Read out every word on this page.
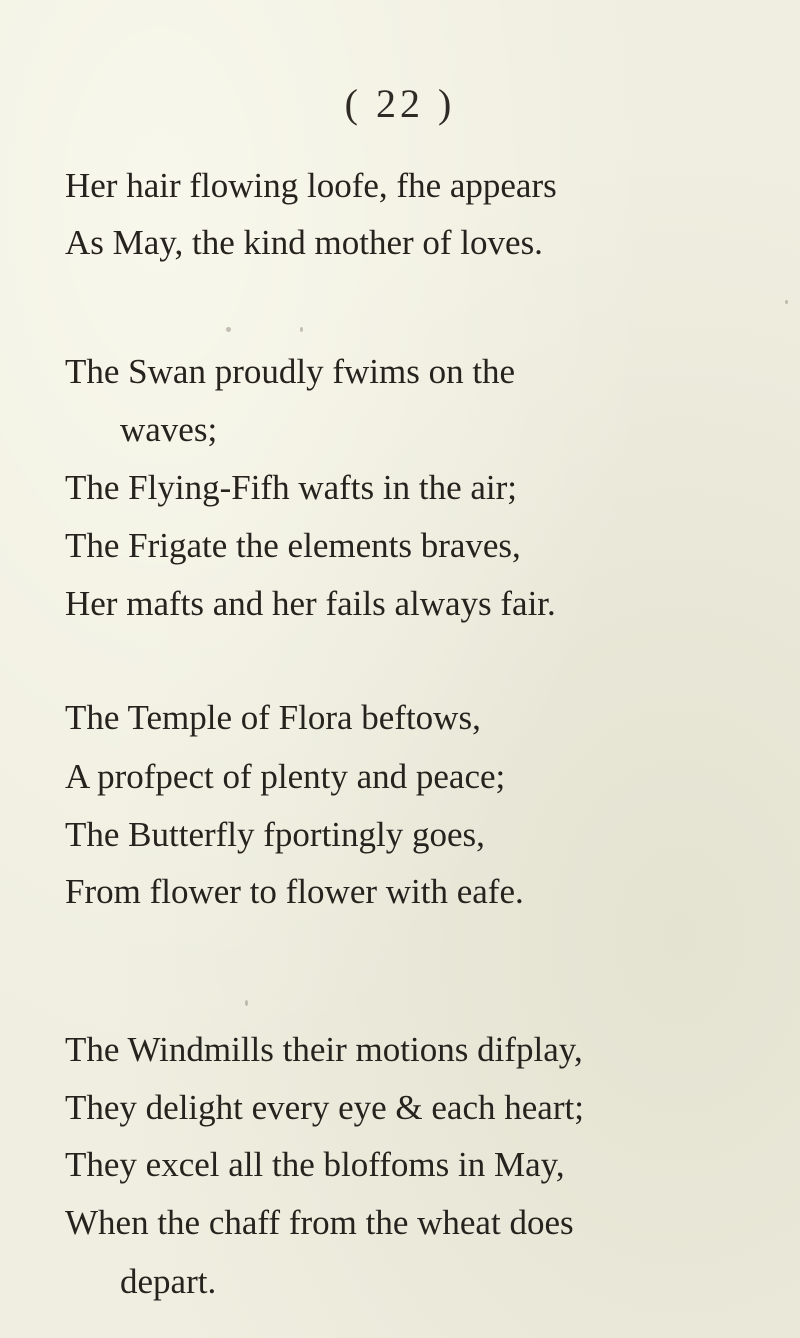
( 22 )
Her hair flowing loofe, fhe appears
As May, the kind mother of loves.
The Swan proudly fwims on the
waves;
The Flying-Fifh wafts in the air;
The Frigate the elements braves,
Her mafts and her fails always fair.
The Temple of Flora beftows,
A profpect of plenty and peace;
The Butterfly fportingly goes,
From flower to flower with eafe.
The Windmills their motions difplay,
They delight every eye & each heart;
They excel all the bloffoms in May,
When the chaff from the wheat does
depart.
